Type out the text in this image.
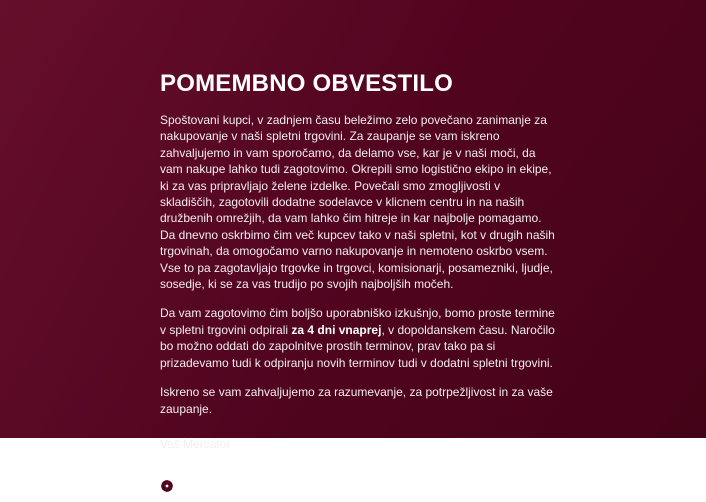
POMEMBNO OBVESTILO

Spoštovani kupci, v zadnjem času beležimo zelo povečano zanimanje za nakupovanje v naši spletni trgovini. Za zaupanje se vam iskreno zahvaljujemo in vam sporočamo, da delamo vse, kar je v naši moči, da vam nakupe lahko tudi zagotovimo. Okrepili smo logistično ekipo in ekipe, ki za vas pripravljajo želene izdelke. Povečali smo zmogljivosti v skladiščih, zagotovili dodatne sodelavce v klicnem centru in na naših družbenih omrežjih, da vam lahko čim hitreje in kar najbolje pomagamo. Da dnevno oskrbimo čim več kupcev tako v naši spletni, kot v drugih naših trgovinah, da omogočamo varno nakupovanje in nemoteno oskrbo vsem. Vse to pa zagotavljajo trgovke in trgovci, komisionarji, posamezniki, ljudje, sosedje, ki se za vas trudijo po svojih najboljših močeh.

Da vam zagotovimo čim boljšo uporabniško izkušnjo, bomo proste termine v spletni trgovini odpirali za 4 dni vnaprej, v dopoldanskem času. Naročilo bo možno oddati do zapolnitve prostih terminov, prav tako pa si prizadevamo tudi k odpiranju novih terminov tudi v dodatni spletni trgovini.

Iskreno se vam zahvaljujemo za razumevanje, za potrpežljivost in za vaše zaupanje.

Vaš Mercator

Mercator Spletna trgovina
